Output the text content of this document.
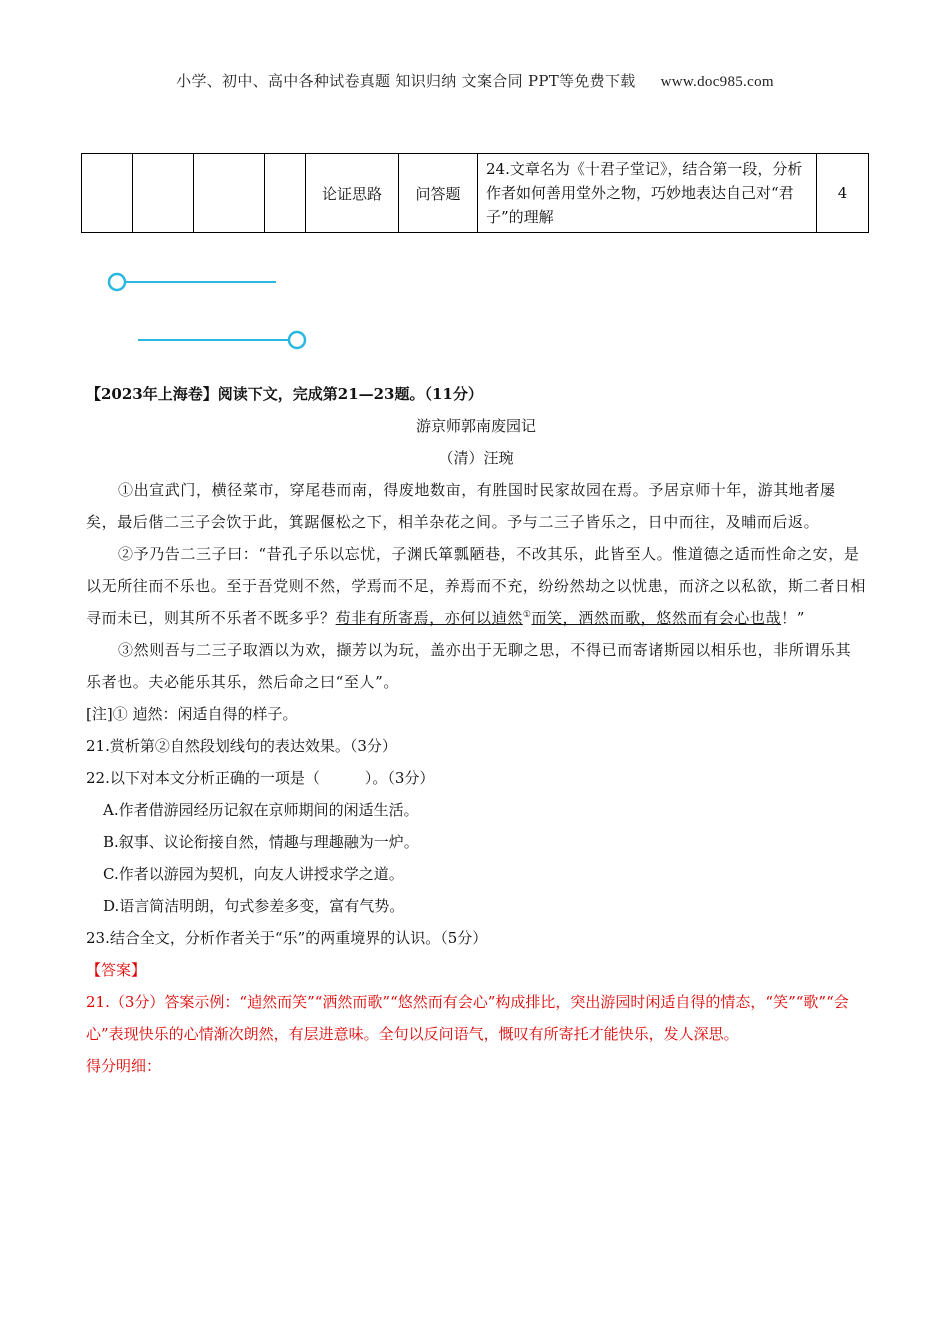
小学、初中、高中各种试卷真题 知识归纳 文案合同 PPT等免费下载 www.doc985.com
				论证思路	问答题	24.文章名为《十君子堂记》，结合第一段，分析作者如何善用堂外之物，巧妙地表达自己对“君子”的理解	4
真题回顾

【2023年上海卷】阅读下文，完成第21—23题。（11分）

游京师郭南废园记

（清）汪琬

①出宣武门，横径菜市，穿尾巷而南，得废地数亩，有胜国时民家故园在焉。予居京师十年，游其地者屡矣，最后偕二三子会饮于此，箕踞偃松之下，相羊杂花之间。予与二三子皆乐之，日中而往，及晡而后返。

②予乃告二三子曰：“昔孔子乐以忘忧，子渊氏箪瓢陋巷，不改其乐，此皆至人。惟道德之适而性命之安，是以无所往而不乐也。至于吾党则不然，学焉而不足，养焉而不充，纷纷然劫之以忧患，而济之以私欲，斯二者日相寻而未已，则其所不乐者不既多乎？苟非有所寄焉，亦何以逌然①而笑，洒然而歌，悠然而有会心也哉！”

③然则吾与二三子取酒以为欢，撷芳以为玩，盖亦出于无聊之思，不得已而寄诸斯园以相乐也，非所谓乐其乐者也。夫必能乐其乐，然后命之曰“至人”。

[注]① 逌然：闲适自得的样子。

21.赏析第②自然段划线句的表达效果。（3分）

22.以下对本文分析正确的一项是（　　　）。（3分）

A.作者借游园经历记叙在京师期间的闲适生活。

B.叙事、议论衔接自然，情趣与理趣融为一炉。

C.作者以游园为契机，向友人讲授求学之道。

D.语言简洁明朗，句式参差多变，富有气势。

23.结合全文，分析作者关于“乐”的两重境界的认识。（5分）

【答案】

21.（3分）答案示例：“逌然而笑”“洒然而歌”“悠然而有会心”构成排比，突出游园时闲适自得的情态，“笑”“歌”“会心”表现快乐的心情渐次朗然，有层进意味。全句以反问语气，慨叹有所寄托才能快乐，发人深思。

得分明细：
